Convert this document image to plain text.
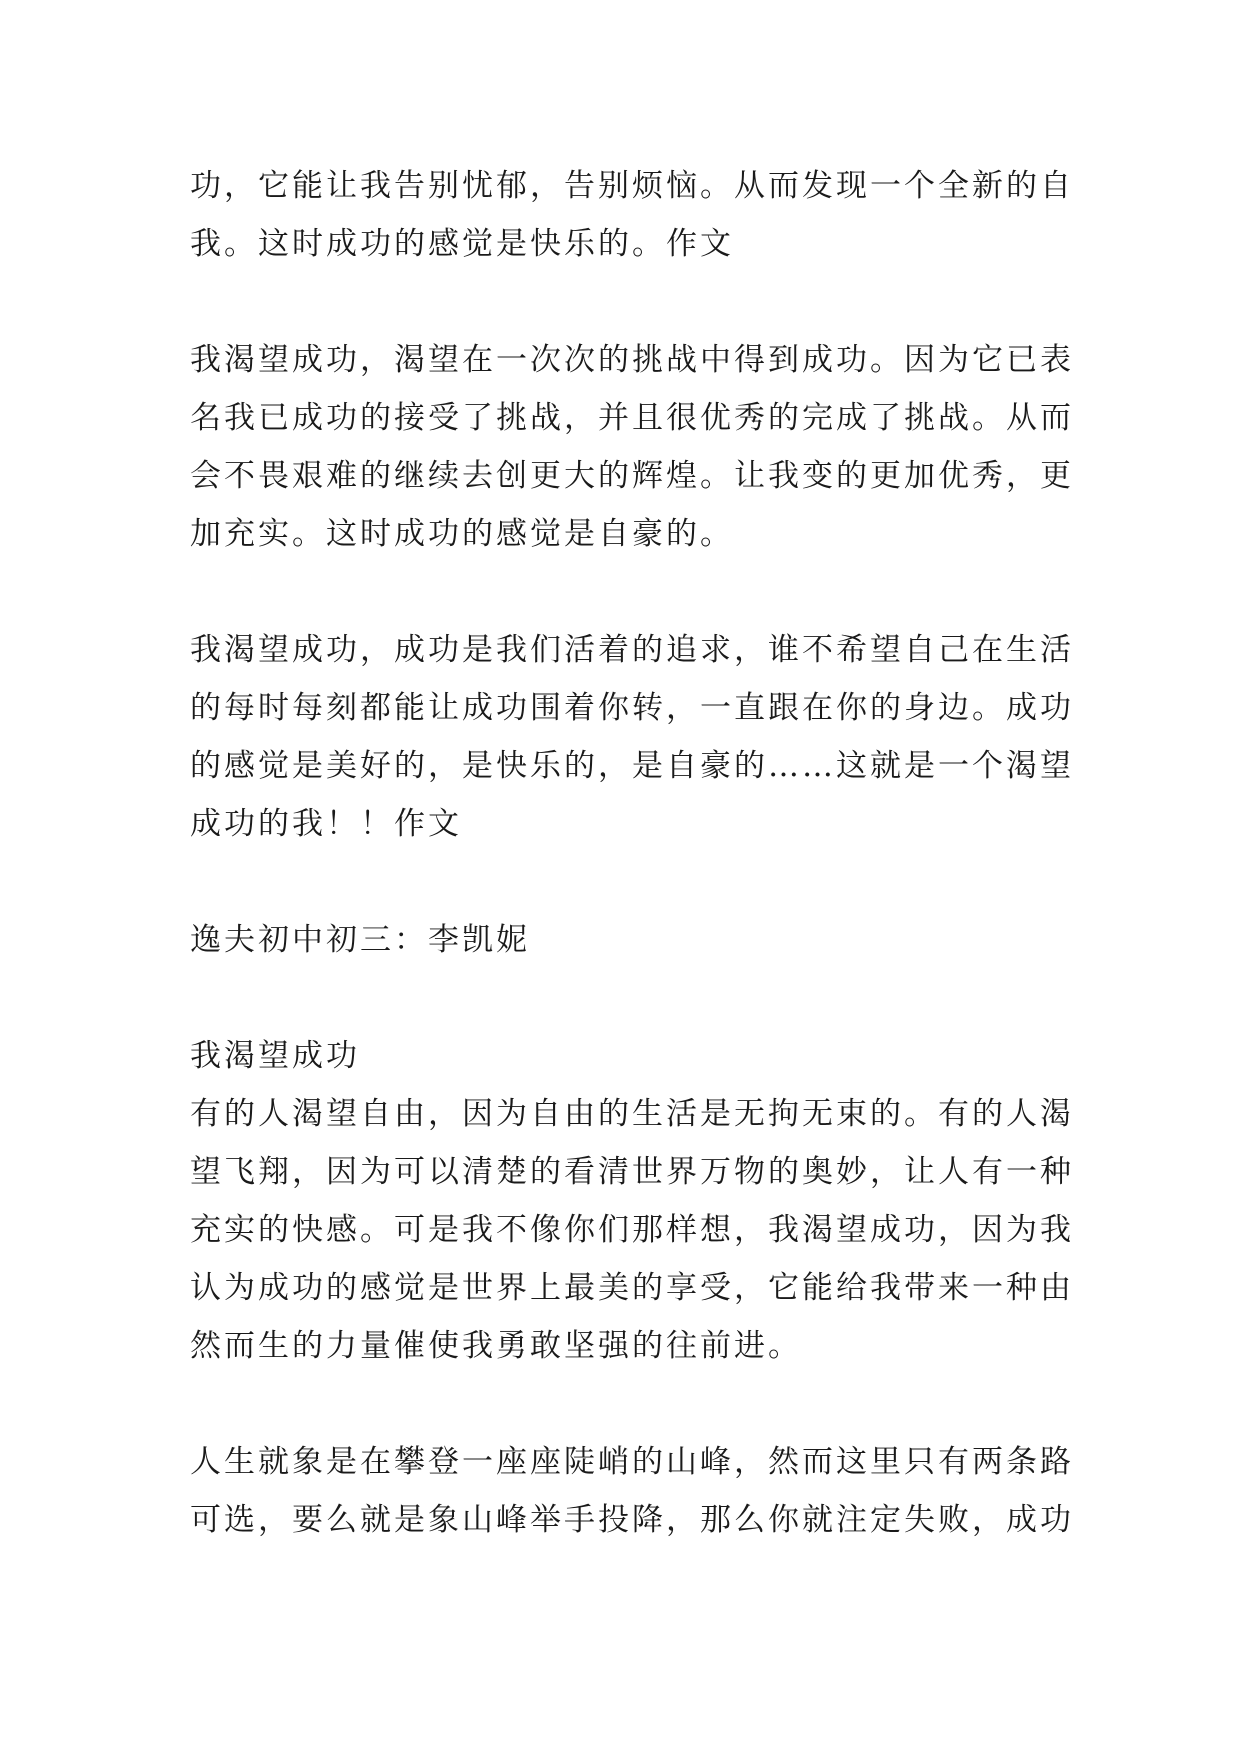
功，它能让我告别忧郁，告别烦恼。从而发现一个全新的自
我。这时成功的感觉是快乐的。作文
我渴望成功，渴望在一次次的挑战中得到成功。因为它已表
名我已成功的接受了挑战，并且很优秀的完成了挑战。从而
会不畏艰难的继续去创更大的辉煌。让我变的更加优秀，更
加充实。这时成功的感觉是自豪的。
我渴望成功，成功是我们活着的追求，谁不希望自己在生活
的每时每刻都能让成功围着你转，一直跟在你的身边。成功
的感觉是美好的，是快乐的，是自豪的……这就是一个渴望
成功的我！！作文
逸夫初中初三：李凯妮
我渴望成功
有的人渴望自由，因为自由的生活是无拘无束的。有的人渴
望飞翔，因为可以清楚的看清世界万物的奥妙，让人有一种
充实的快感。可是我不像你们那样想，我渴望成功，因为我
认为成功的感觉是世界上最美的享受，它能给我带来一种由
然而生的力量催使我勇敢坚强的往前进。
人生就象是在攀登一座座陡峭的山峰，然而这里只有两条路
可选，要么就是象山峰举手投降，那么你就注定失败，成功
